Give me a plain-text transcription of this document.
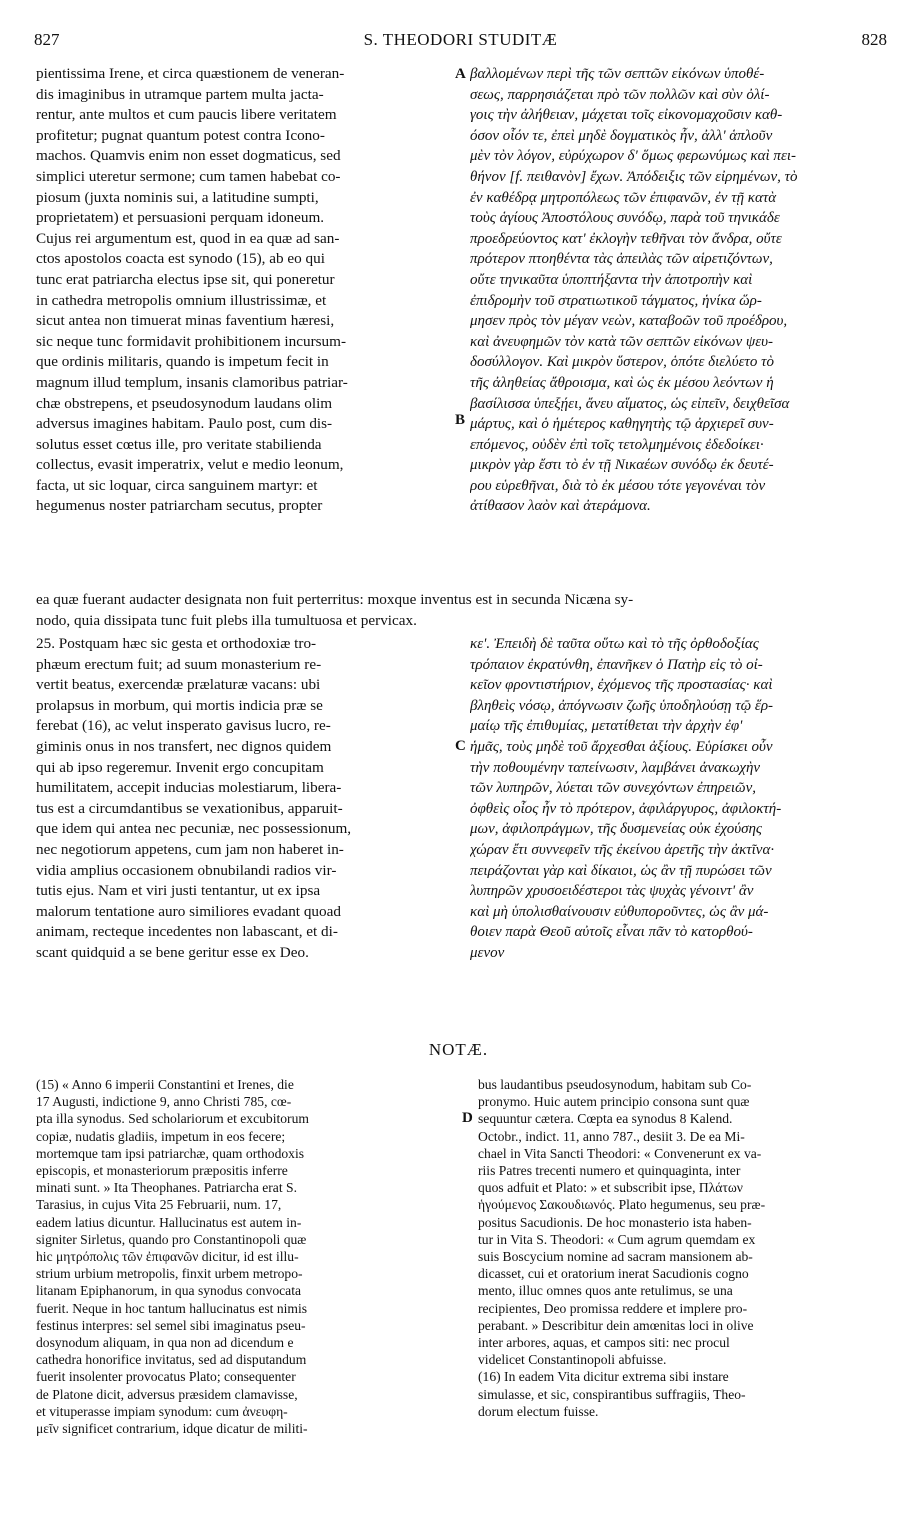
827	S. THEODORI STUDITÆ	828
pientissima Irene, et circa quæstionem de veneran-
dis imaginibus in utramque partem multa jacta-
rentur, ante multos et cum paucis libere veritatem
profitetur; pugnat quantum potest contra Icono-
machos. Quamvis enim non esset dogmaticus, sed
simplici uteretur sermone; cum tamen habebat co-
piosum (juxta nominis sui, a latitudine sumpti,
proprietatem) et persuasioni perquam idoneum.
Cujus rei argumentum est, quod in ea quæ ad san-
ctos apostolos coacta est synodo (15), ab eo qui
tunc erat patriarcha electus ipse sit, qui poneretur
in cathedra metropolis omnium illustrissimæ, et
sicut antea non timuerat minas faventium hæresi,
sic neque tunc formidavit prohibitionem incursum-
que ordinis militaris, quando is impetum fecit in
magnum illud templum, insanis clamoribus patriar-
chæ obstrepens, et pseudosynodum laudans olim
adversus imagines habitam. Paulo post, cum dis-
solutus esset cœtus ille, pro veritate stabilienda
collectus, evasit imperatrix, velut e medio leonum,
facta, ut sic loquar, circa sanguinem martyr: et
hegumenus noster patriarcham secutus, propter
βαλλομένων περὶ τῆς τῶν σεπτῶν εἰκόνων ὑποθέ-
σεως, παρρησιάζεται πρὸ τῶν πολλῶν καὶ σὺν ὀλί-
γοις τὴν ἀλήθειαν, μάχεται τοῖς εἰκονομαχοῦσιν καθ-
όσον οἷόν τε, ἐπεὶ μηδὲ δογματικὸς ἦν, ἀλλ' ἁπλοῦν
μὲν τὸν λόγον, εὐρύχωρον δ' ὅμως φερωνύμως καὶ πει-
θήνον [f. πειθανὸν] ἔχων. Ἀπόδειξις τῶν εἰρημένων, τὸ
ἐν καθέδρᾳ μητροπόλεως τῶν ἐπιφανῶν, ἐν τῇ κατὰ
τοὺς ἁγίους Ἀποστόλους συνόδῳ, παρὰ τοῦ τηνικάδε
προεδρεύοντος κατ' ἐκλογὴν τεθῆναι τὸν ἄνδρα, οὔτε
πρότερον πτοηθέντα τὰς ἀπειλὰς τῶν αἱρετιζόντων,
οὔτε τηνικαῦτα ὑποπτήξαντα τὴν ἀποτροπὴν καὶ
ἐπιδρομὴν τοῦ στρατιωτικοῦ τάγματος, ἡνίκα ὥρ-
μησεν πρὸς τὸν μέγαν νεὼν, καταβοῶν τοῦ προέδρου,
καὶ ἀνευφημῶν τὸν κατὰ τῶν σεπτῶν εἰκόνων ψευ-
δοσύλλογον. Καὶ μικρὸν ὕστερον, ὁπότε διελύετο τὸ
τῆς ἀληθείας ἄθροισμα, καὶ ὡς ἐκ μέσου λεόντων ἡ
βασίλισσα ὑπεξῄει, ἄνευ αἵματος, ὡς εἰπεῖν, δειχθεῖσα
μάρτυς, καὶ ὁ ἡμέτερος καθηγητὴς τῷ ἀρχιερεῖ συν-
επόμενος, οὐδὲν ἐπὶ τοῖς τετολμημένοις ἐδεδοίκει·
μικρὸν γὰρ ἔστι τὸ ἐν τῇ Νικαέων συνόδῳ ἐκ δευτέ-
ρου εὑρεθῆναι, διὰ τὸ ἐκ μέσου τότε γεγονέναι τὸν
ἀτίθασον λαὸν καὶ ἀτεράμονα.
ea quæ fuerant audacter designata non fuit perterritus: moxque inventus est in secunda Nicæna sy-
nodo, quia dissipata tunc fuit plebs illa tumultuosa et pervicax.
25. Postquam hæc sic gesta et orthodoxiæ tro-
phæum erectum fuit; ad suum monasterium re-
vertit beatus, exercendæ prælaturæ vacans: ubi
prolapsus in morbum, qui mortis indicia præ se
ferebat (16), ac velut insperato gavisus lucro, re-
giminis onus in nos transfert, nec dignos quidem
qui ab ipso regeremur. Invenit ergo concupitam
humilitatem, accepit inducias molestiarum, libera-
tus est a circumdantibus se vexationibus, apparuit-
que idem qui antea nec pecuniæ, nec possessionum,
nec negotiorum appetens, cum jam non haberet in-
vidia amplius occasionem obnubilandi radios vir-
tutis ejus. Nam et viri justi tentantur, ut ex ipsa
malorum tentatione auro similiores evadant quoad
animam, recteque incedentes non labascant, et di-
scant quidquid a se bene geritur esse ex Deo.
κε'. Ἐπειδὴ δὲ ταῦτα οὕτω καὶ τὸ τῆς ὀρθοδοξίας
τρόπαιον ἐκρατύνθη, ἐπανῆκεν ὁ Πατὴρ εἰς τὸ οἰ-
κεῖον φροντιστήριον, ἐχόμενος τῆς προστασίας· καὶ
βληθεὶς νόσῳ, ἀπόγνωσιν ζωῆς ὑποδηλούσῃ τῷ ἕρ-
μαίῳ τῆς ἐπιθυμίας, μετατίθεται τὴν ἀρχὴν ἐφ'
ἡμᾶς, τοὺς μηδὲ τοῦ ἄρχεσθαι ἀξίους. Εὑρίσκει οὖν
τὴν ποθουμένην ταπείνωσιν, λαμβάνει ἀνακωχὴν
τῶν λυπηρῶν, λύεται τῶν συνεχόντων ἐπηρειῶν,
ὀφθεὶς οἷος ἦν τὸ πρότερον, ἀφιλάργυρος, ἀφιλοκτή-
μων, ἀφιλοπράγμων, τῆς δυσμενείας οὐκ ἐχούσης
χώραν ἔτι συννεφεῖν τῆς ἐκείνου ἀρετῆς τὴν ἀκτῖνα·
πειράζονται γὰρ καὶ δίκαιοι, ὡς ἂν τῇ πυρώσει τῶν
λυπηρῶν χρυσοειδέστεροι τὰς ψυχὰς γένοιντ' ἂν
καὶ μὴ ὑπολισθαίνουσιν εὐθυποροῦντες, ὡς ἂν μά-
θοιεν παρὰ Θεοῦ αὐτοῖς εἶναι πᾶν τὸ κατορθού-
μενον
A
B
C
D
NOTÆ.
(15) « Anno 6 imperii Constantini et Irenes, die
17 Augusti, indictione 9, anno Christi 785, cœ-
pta illa synodus. Sed scholariorum et excubitorum
copiæ, nudatis gladiis, impetum in eos fecere;
mortemque tam ipsi patriarchæ, quam orthodoxis
episcopis, et monasteriorum præpositis inferre
minati sunt. » Ita Theophanes. Patriarcha erat S.
Tarasius, in cujus Vita 25 Februarii, num. 17,
eadem latius dicuntur. Hallucinatus est autem in-
signiter Sirletus, quando pro Constantinopoli quæ
hic μητρόπολις τῶν ἐπιφανῶν dicitur, id est illu-
strium urbium metropolis, finxit urbem metropo-
litanam Epiphanorum, in qua synodus convocata
fuerit. Neque in hoc tantum hallucinatus est nimis
festinus interpres: sel semel sibi imaginatus pseu-
dosynodum aliquam, in qua non ad dicendum e
cathedra honorifice invitatus, sed ad disputandum
fuerit insolenter provocatus Plato; consequenter
de Platone dicit, adversus præsidem clamavisse,
et vituperasse impiam synodum: cum ἀνευφη-
μεῖν significet contrarium, idque dicatur de militi-
bus laudantibus pseudosynodum, habitam sub Co-
pronymo. Huic autem principio consona sunt quæ
sequuntur cætera. Cœpta ea synodus 8 Kalend.
Octobr., indict. 11, anno 787., desiit 3. De ea Mi-
chael in Vita Sancti Theodori: « Convenerunt ex va-
riis Patres trecenti numero et quinquaginta, inter
quos adfuit et Plato: » et subscribit ipse, Πλάτων
ἡγούμενος Σακουδιωνός. Plato hegumenus, seu præ-
positus Sacudionis. De hoc monasterio ista haben-
tur in Vita S. Theodori: « Cum agrum quemdam ex
suis Boscycium nomine ad sacram mansionem ab-
dicasset, cui et oratorium inerat Sacudionis cogno
mento, illuc omnes quos ante retulimus, se una
recipientes, Deo promissa reddere et implere pro-
perabant. » Describitur dein amœnitas loci in olive
inter arbores, aquas, et campos siti: nec procul
videlicet Constantinopoli abfuisse.
(16) In eadem Vita dicitur extrema sibi instare
simulasse, et sic, conspirantibus suffragiis, Theo-
dorum electum fuisse.
